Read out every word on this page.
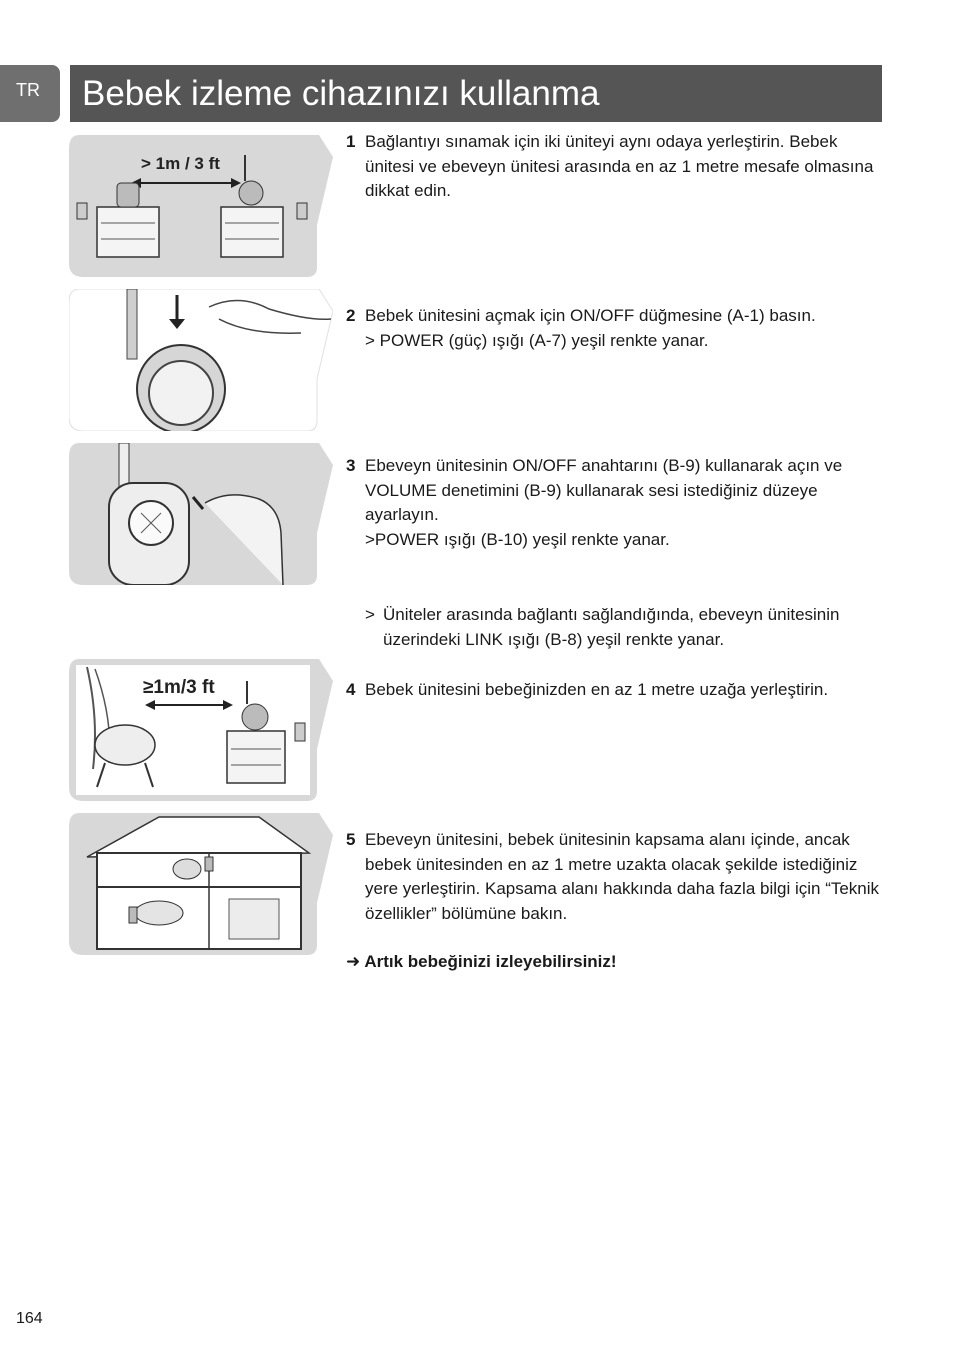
TR Bebek izleme cihazınızı kullanma
> 1m / 3 ft
≥1m/3 ft
1 Bağlantıyı sınamak için iki üniteyi aynı odaya yerleştirin. Bebek ünitesi ve ebeveyn ünitesi arasında en az 1 metre mesafe olmasına dikkat edin.
2 Bebek ünitesini açmak için ON/OFF düğmesine (A-1) basın.
> POWER (güç) ışığı (A-7) yeşil renkte yanar.
3 Ebeveyn ünitesinin ON/OFF anahtarını (B-9) kullanarak açın ve VOLUME denetimini (B-9) kullanarak sesi istediğiniz düzeye ayarlayın.
>POWER ışığı (B-10) yeşil renkte yanar.
> Üniteler arasında bağlantı sağlandığında, ebeveyn ünitesinin üzerindeki LINK ışığı (B-8) yeşil renkte yanar.
4 Bebek ünitesini bebeğinizden en az 1 metre uzağa yerleştirin.
5 Ebeveyn ünitesini, bebek ünitesinin kapsama alanı içinde, ancak bebek ünitesinden en az 1 metre uzakta olacak şekilde istediğiniz yere yerleştirin. Kapsama alanı hakkında daha fazla bilgi için “Teknik özellikler” bölümüne bakın.
➜ Artık bebeğinizi izleyebilirsiniz!
164
